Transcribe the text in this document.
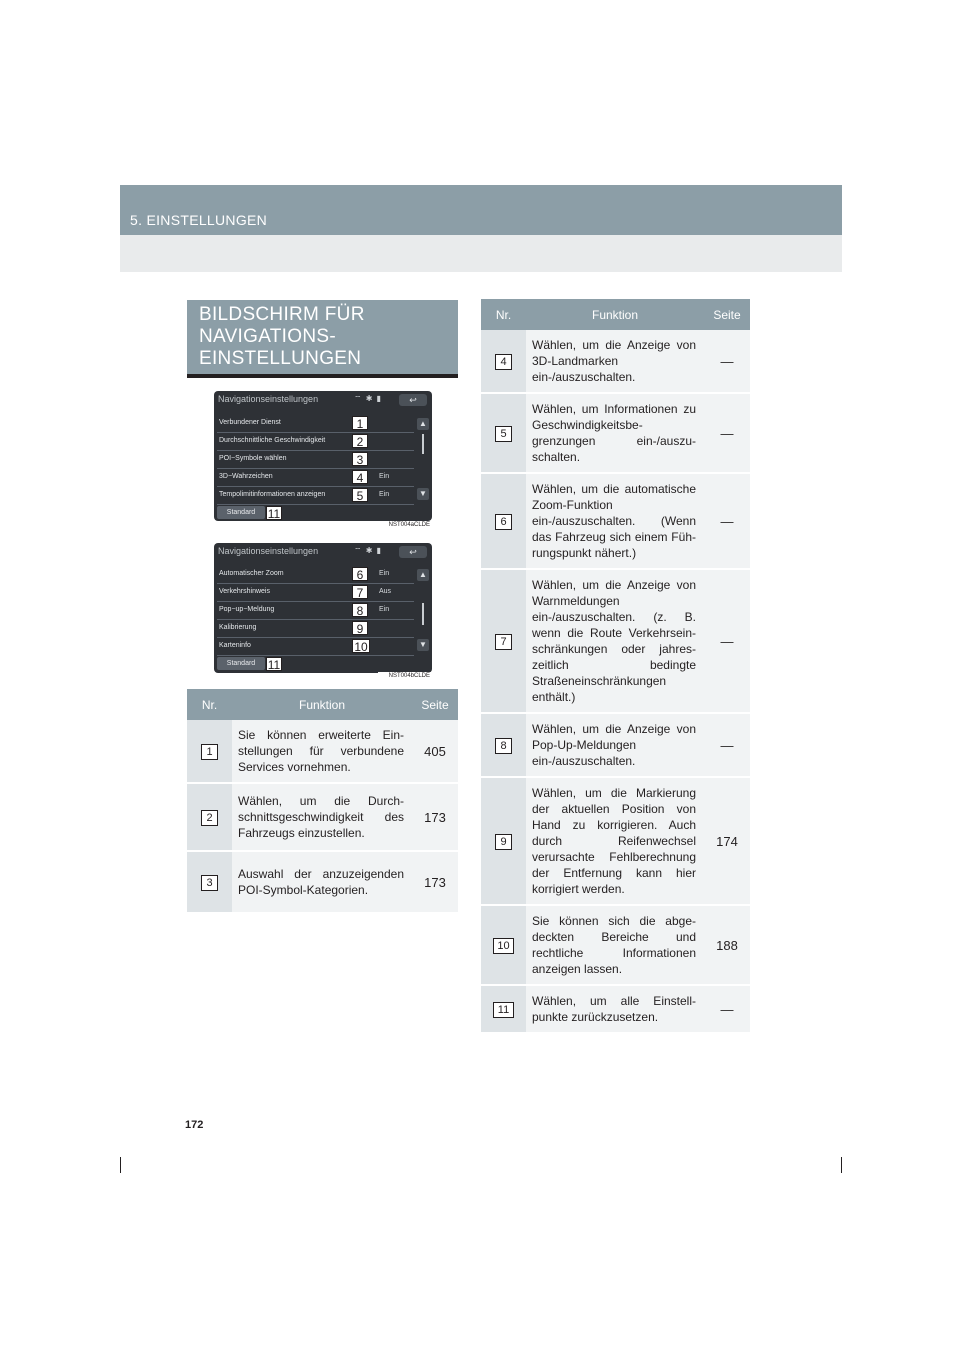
5. EINSTELLUNGEN
BILDSCHIRM FÜR
NAVIGATIONS-
EINSTELLUNGEN
Navigationseinstellungen	⌔ ✱ ▮	↩
Verbundener Dienst	1
Durchschnittliche Geschwindigkeit	2
POI−Symbole wählen	3
3D−Wahrzeichen	Ein
4
Tempolimitinformationen anzeigen	Ein
5
▲
▼
Standard	11
NST004aCLDE
Navigationseinstellungen	⌔ ✱ ▮	↩
Automatischer Zoom	Ein
6
Verkehrshinweis	Aus
7
Pop−up−Meldung	Ein
8
Kalibrierung	9
Karteninfo	10
▲
▼
Standard	11
NST004bCLDE
Nr.	Funktion	Seite
1	Sie können erweiterte Einstellungen für verbundene Services vornehmen.	405
2	Wählen, um die Durchschnittsgeschwindigkeit des Fahrzeugs einzustellen.	173
3	Auswahl der anzuzeigenden POI-Symbol-Kategorien.	173
Nr.	Funktion	Seite
4	Wählen, um die Anzeige von 3D-Landmarken ein-/auszuschalten.	—
5	Wählen, um Informationen zu Geschwindigkeitsbegrenzungen ein-/auszuschalten.	—
6	Wählen, um die automatische Zoom-Funktion ein-/auszuschalten. (Wenn das Fahrzeug sich einem Führungspunkt nähert.)	—
7	Wählen, um die Anzeige von Warnmeldungen ein-/auszuschalten. (z. B. wenn die Route Verkehrseinschränkungen oder jahreszeitlich bedingte Straßeneinschränkungen enthält.)	—
8	Wählen, um die Anzeige von Pop-Up-Meldungen ein-/auszuschalten.	—
9	Wählen, um die Markierung der aktuellen Position von Hand zu korrigieren. Auch durch Reifenwechsel verursachte Fehlberechnung der Entfernung kann hier korrigiert werden.	174
10	Sie können sich die abgedeckten Bereiche und rechtliche Informationen anzeigen lassen.	188
11	Wählen, um alle Einstellpunkte zurückzusetzen.	—
172
